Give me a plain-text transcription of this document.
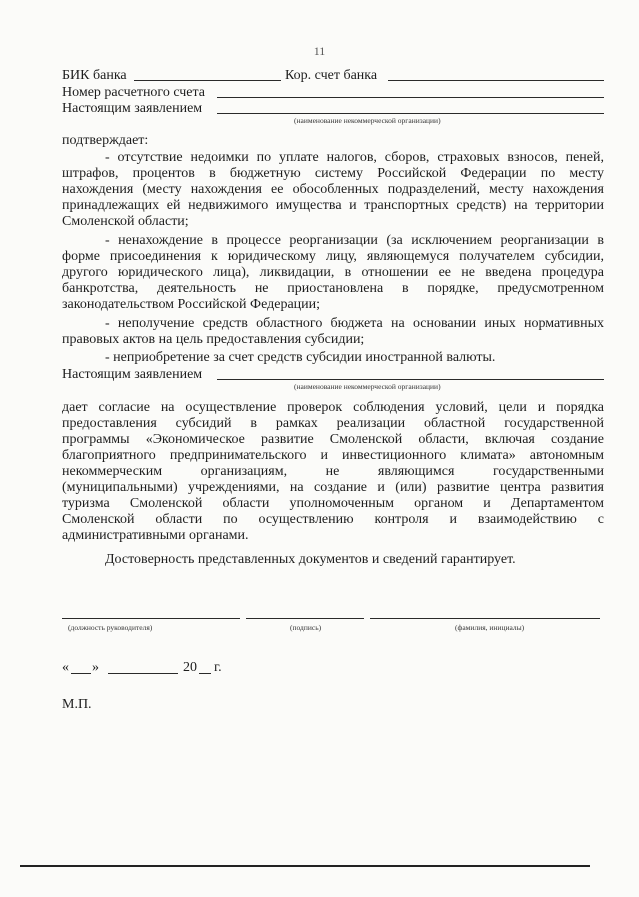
11
БИК банка	Кор. счет банка
Номер расчетного счета
Настоящим заявлением
(наименование некоммерческой организации)
подтверждает:
- отсутствие недоимки по уплате налогов, сборов, страховых взносов, пеней,
штрафов, процентов в бюджетную систему Российской Федерации по месту
нахождения (месту нахождения ее обособленных подразделений, месту нахождения
принадлежащих ей недвижимого имущества и транспортных средств) на территории
Смоленской области;
- ненахождение в процессе реорганизации (за исключением реорганизации в
форме присоединения к юридическому лицу, являющемуся получателем субсидии,
другого юридического лица), ликвидации, в отношении ее не введена процедура
банкротства, деятельность не приостановлена в порядке, предусмотренном
законодательством Российской Федерации;
- неполучение средств областного бюджета на основании иных нормативных
правовых актов на цель предоставления субсидии;
- неприобретение за счет средств субсидии иностранной валюты.
Настоящим заявлением
(наименование некоммерческой организации)
дает согласие на осуществление проверок соблюдения условий, цели и порядка
предоставления субсидий в рамках реализации областной государственной
программы «Экономическое развитие Смоленской области, включая создание
благоприятного предпринимательского и инвестиционного климата» автономным
некоммерческим организациям, не являющимся государственными
(муниципальными) учреждениями, на создание и (или) развитие центра развития
туризма Смоленской области уполномоченным органом и Департаментом
Смоленской области по осуществлению контроля и взаимодействию с
административными органами.
Достоверность представленных документов и сведений гарантирует.
(должность руководителя)	(подпись)	(фамилия, инициалы)
« »	20 г.
М.П.
